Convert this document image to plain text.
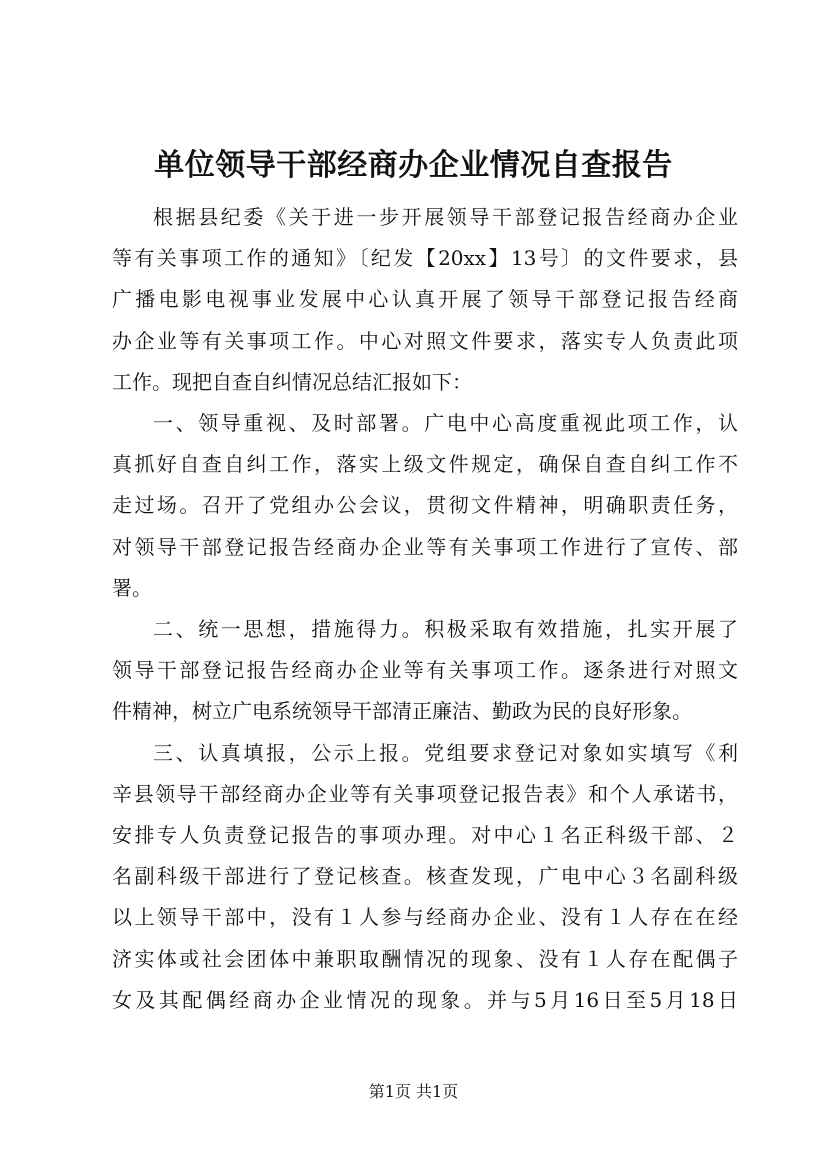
单位领导干部经商办企业情况自查报告
根据县纪委《关于进一步开展领导干部登记报告经商办企业
等有关事项工作的通知》〔纪发【20xx】13号〕的文件要求，县
广播电影电视事业发展中心认真开展了领导干部登记报告经商
办企业等有关事项工作。中心对照文件要求，落实专人负责此项
工作。现把自查自纠情况总结汇报如下：
一、领导重视、及时部署。广电中心高度重视此项工作，认
真抓好自查自纠工作，落实上级文件规定，确保自查自纠工作不
走过场。召开了党组办公会议，贯彻文件精神，明确职责任务，
对领导干部登记报告经商办企业等有关事项工作进行了宣传、部
署。
二、统一思想，措施得力。积极采取有效措施，扎实开展了
领导干部登记报告经商办企业等有关事项工作。逐条进行对照文
件精神，树立广电系统领导干部清正廉洁、勤政为民的良好形象。
三、认真填报，公示上报。党组要求登记对象如实填写《利
辛县领导干部经商办企业等有关事项登记报告表》和个人承诺书，
安排专人负责登记报告的事项办理。对中心１名正科级干部、２
名副科级干部进行了登记核查。核查发现，广电中心３名副科级
以上领导干部中，没有１人参与经商办企业、没有１人存在在经
济实体或社会团体中兼职取酬情况的现象、没有１人存在配偶子
女及其配偶经商办企业情况的现象。并与5月16日至5月18日
第1页 共1页
